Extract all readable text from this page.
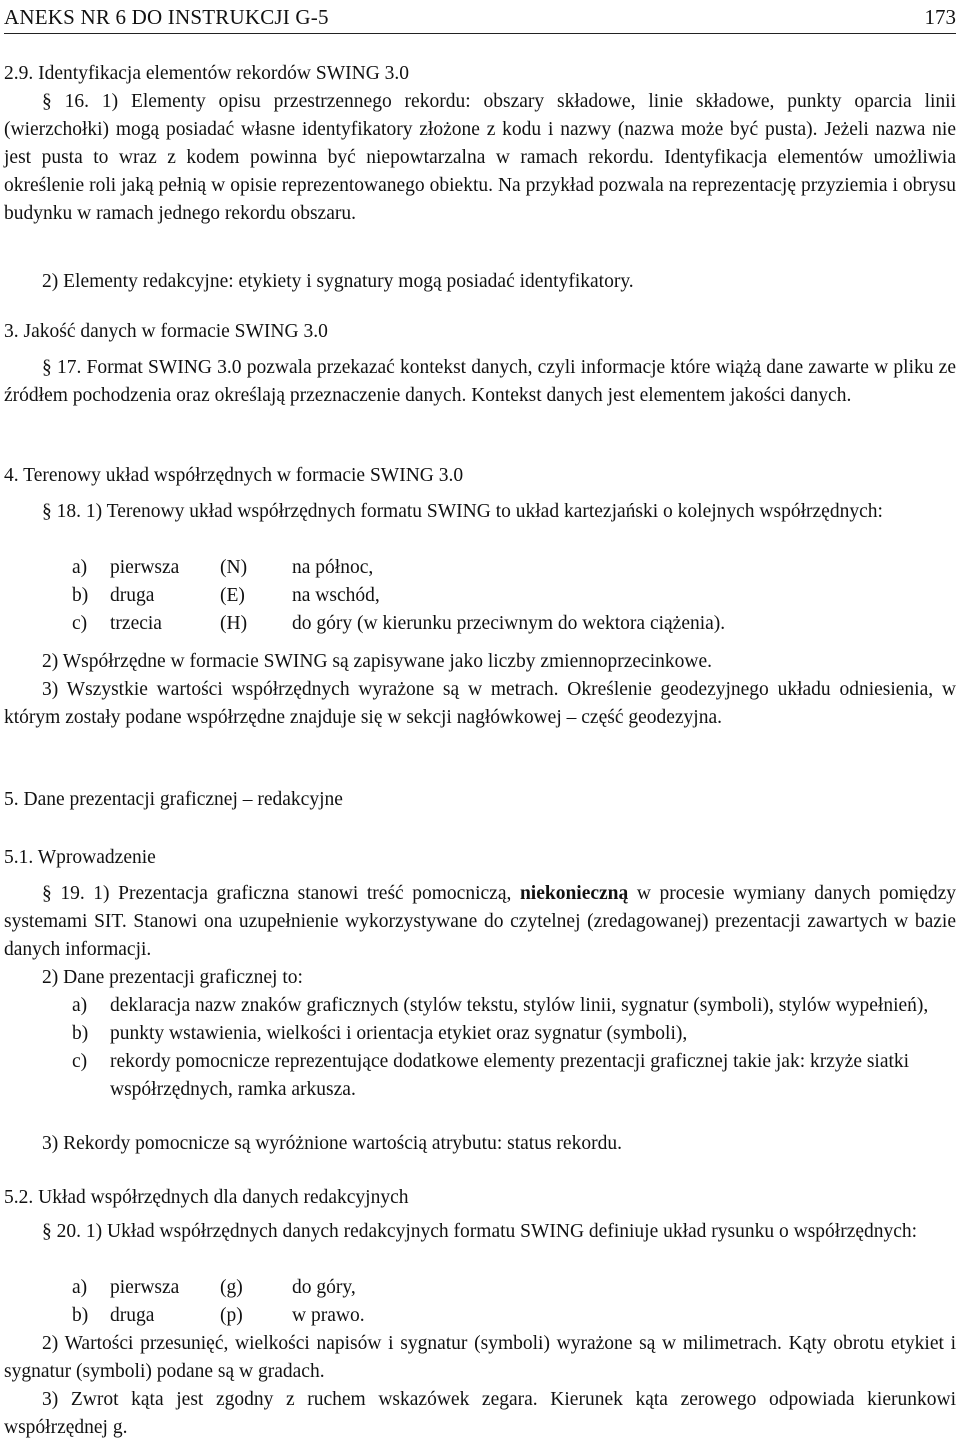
ANEKS NR 6 DO INSTRUKCJI G-5	173
2.9. Identyfikacja elementów rekordów SWING 3.0
§ 16. 1) Elementy opisu przestrzennego rekordu: obszary składowe, linie składowe, punkty oparcia linii (wierzchołki) mogą posiadać własne identyfikatory złożone z kodu i nazwy (nazwa może być pusta). Jeżeli nazwa nie jest pusta to wraz z kodem powinna być niepowtarzalna w ramach rekordu. Identyfikacja elementów umożliwia określenie roli jaką pełnią w opisie reprezentowanego obiektu. Na przykład pozwala na reprezentację przyziemia i obrysu budynku w ramach jednego rekordu obszaru.
2) Elementy redakcyjne: etykiety i sygnatury mogą posiadać identyfikatory.
3. Jakość danych w formacie SWING 3.0
§ 17. Format SWING 3.0 pozwala przekazać kontekst danych, czyli informacje które wiążą dane zawarte w pliku ze źródłem pochodzenia oraz określają przeznaczenie danych. Kontekst danych jest elementem jakości danych.
4. Terenowy układ współrzędnych w formacie SWING 3.0
§ 18. 1) Terenowy układ współrzędnych formatu SWING to układ kartezjański o kolejnych współrzędnych:
a)	pierwsza	(N)	na północ,
b)	druga	(E)	na wschód,
c)	trzecia	(H)	do góry (w kierunku przeciwnym do wektora ciążenia).
2) Współrzędne w formacie SWING są zapisywane jako liczby zmiennoprzecinkowe.
3) Wszystkie wartości współrzędnych wyrażone są w metrach. Określenie geodezyjnego układu odniesienia, w którym zostały podane współrzędne znajduje się w sekcji nagłówkowej – część geodezyjna.
5. Dane prezentacji graficznej – redakcyjne
5.1. Wprowadzenie
§ 19. 1) Prezentacja graficzna stanowi treść pomocniczą, niekonieczną w procesie wymiany danych pomiędzy systemami SIT. Stanowi ona uzupełnienie wykorzystywane do czytelnej (zredagowanej) prezentacji zawartych w bazie danych informacji.
2) Dane prezentacji graficznej to:
a)	deklaracja nazw znaków graficznych (stylów tekstu, stylów linii, sygnatur (symboli), stylów wypełnień),
b)	punkty wstawienia, wielkości i orientacja etykiet oraz sygnatur (symboli),
c)	rekordy pomocnicze reprezentujące dodatkowe elementy prezentacji graficznej takie jak: krzyże siatki współrzędnych, ramka arkusza.
3) Rekordy pomocnicze są wyróżnione wartością atrybutu: status rekordu.
5.2. Układ współrzędnych dla danych redakcyjnych
§ 20. 1) Układ współrzędnych danych redakcyjnych formatu SWING definiuje układ rysunku o współrzędnych:
a)	pierwsza	(g)	do góry,
b)	druga	(p)	w prawo.
2) Wartości przesunięć, wielkości napisów i sygnatur (symboli) wyrażone są w milimetrach. Kąty obrotu etykiet i sygnatur (symboli) podane są w gradach.
3) Zwrot kąta jest zgodny z ruchem wskazówek zegara. Kierunek kąta zerowego odpowiada kierunkowi współrzędnej g.
